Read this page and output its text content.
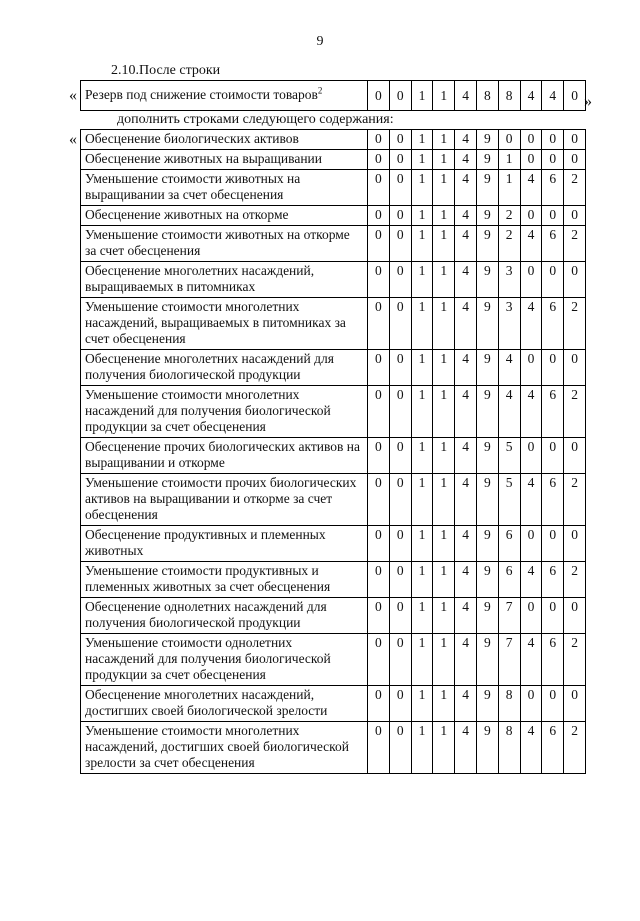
9
2.10.После строки
«	»
Резерв под снижение стоимости товаров$^2$	0	0	1	1	4	8	8	4	4	0
дополнить строками следующего содержания:
« Обесценение биологических активов	0	0	1	1	4	9	0	0	0	0
Обесценение животных на выращивании	0	0	1	1	4	9	1	0	0	0
Уменьшение стоимости животных на выращивании за счет обесценения	0	0	1	1	4	9	1	4	6	2
Обесценение животных на откорме	0	0	1	1	4	9	2	0	0	0
Уменьшение стоимости животных на откорме за счет обесценения	0	0	1	1	4	9	2	4	6	2
Обесценение многолетних насаждений, выращиваемых в питомниках	0	0	1	1	4	9	3	0	0	0
Уменьшение стоимости многолетних насаждений, выращиваемых в питомниках за счет обесценения	0	0	1	1	4	9	3	4	6	2
Обесценение многолетних насаждений для получения биологической продукции	0	0	1	1	4	9	4	0	0	0
Уменьшение стоимости многолетних насаждений для получения биологической продукции за счет обесценения	0	0	1	1	4	9	4	4	6	2
Обесценение прочих биологических активов на выращивании и откорме	0	0	1	1	4	9	5	0	0	0
Уменьшение стоимости прочих биологических активов на выращивании и откорме за счет обесценения	0	0	1	1	4	9	5	4	6	2
Обесценение продуктивных и племенных животных	0	0	1	1	4	9	6	0	0	0
Уменьшение стоимости продуктивных и племенных животных за счет обесценения	0	0	1	1	4	9	6	4	6	2
Обесценение однолетних насаждений для получения биологической продукции	0	0	1	1	4	9	7	0	0	0
Уменьшение стоимости однолетних насаждений для получения биологической продукции за счет обесценения	0	0	1	1	4	9	7	4	6	2
Обесценение многолетних насаждений, достигших своей биологической зрелости	0	0	1	1	4	9	8	0	0	0
Уменьшение стоимости многолетних насаждений, достигших своей биологической зрелости за счет обесценения	0	0	1	1	4	9	8	4	6	2
